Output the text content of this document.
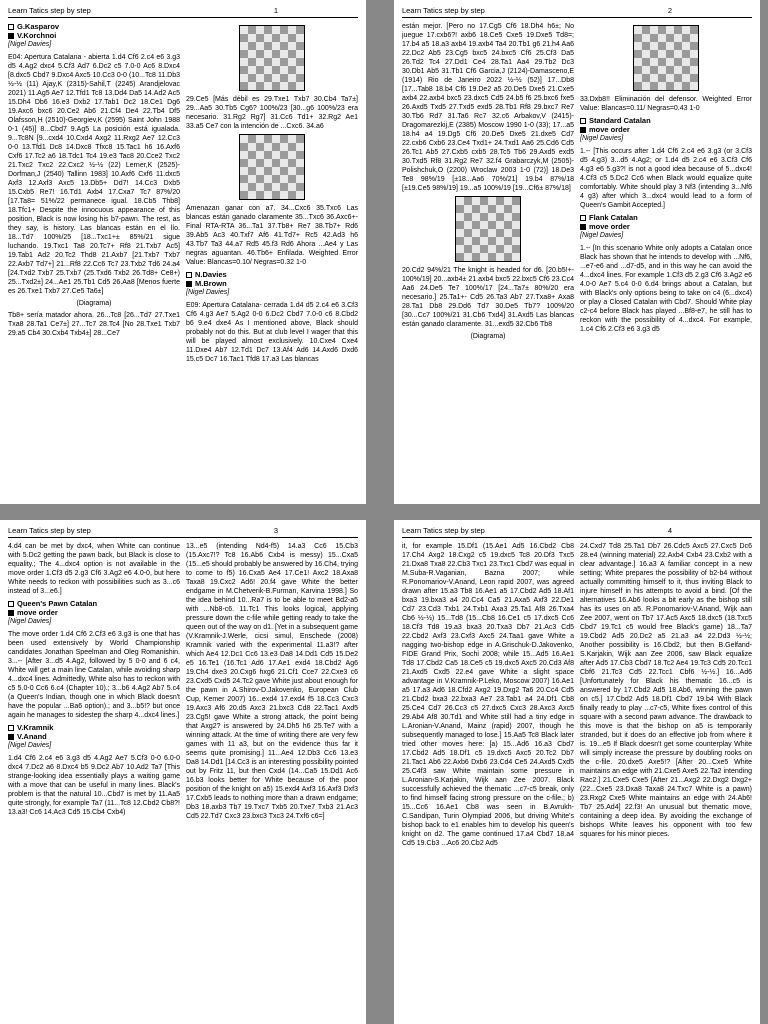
Learn Tatics step by step	1
G.Kasparov
V.Korchnoi
[Nigel Davies]

E04: Apertura Catalana - abierta 1.d4 Cf6 2.c4 e6 3.g3 d5 4.Ag2 dxc4 5.Cf3 Ad7 6.Dc2 c5 7.0-0 Ac6 8.Dxc4 [8.dxc5 Cbd7 9.Dxc4 Axc5 10.Cc3 0-0 (10...Tc8 11.Db3 ½-½ (11) Ajay,K (2315)-Sahil,T (2245) Arandjelovac 2021) 11.Ag5 Ae7 12.Tfd1 Tc8 13.Dd4 Da5 14.Ad2 Ac5 15.Dh4 Db6 16.e3 Dxb2 17.Tab1 Dc2 18.Ce1 Dg6 19.Axc6 bxc6 20.Ce2 Ab6 21.Cf4 De4 22.Tb4 Df5 Olafsson,H (2510)-Georgiev,K (2595) Saint John 1988 0-1 (45)] 8...Cbd7 9.Ag5 La posición está igualada. 9...Tc8N [9...cxd4 10.Cxd4 Axg2 11.Rxg2 Ae7 12.Cc3 0-0 13.Tfd1 Dc8 14.Dxc8 Tfxc8 15.Tac1 h6 16.Axf6 Cxf6 17.Tc2 a6 18.Tdc1 Tc4 19.e3 Tac8 20.Cce2 Txc2 21.Txc2 Txc2 22.Cxc2 ½-½ (22) Lerner,K (2525)-Dorfman,J (2540) Tallinn 1983] 10.Axf6 Cxf6 11.dxc5 Axf3 12.Axf3 Axc5 13.Db5+ Dd7! 14.Cc3 Dxb5 15.Cxb5 Re7! 16.Td1 Axb4 17.Cxa7 Tc7 87%/20 [17.Ta8= 51%/22 permanece igual. 18.Cb5 Thb8] 18.Tfc1+ Despite the innocuous appearance of this position, Black is now losing his b7-pawn. The rest, as they say, is history. Las blancas están en el lío. 18...Td7 100%/25 [18...Txc1+± 85%/21 sigue luchando. 19.Txc1 Ta8 20.Tc7+ Rf8 21.Txb7 Ac5] 19.Tab1 Ad2 20.Tc2 Thd8 21.Axb7 [21.Txb7 Txb7 22.Axb7 Td7+] 21...Rf8 22.Cc6 Tc7 23.Txb2 Td6 24.a4 [24.Txd2 Txb7 25.Txb7 (25.Txd6 Txb2 26.Td8+ Ce8+) 25...Txd2±] 24...Ae1 25.Tb1 Cd5 26.Aa8 [Menos fuerte es 26.Txe1 Txb7 27.Ce5 Ta6±]

(Diagrama)

Tb8+ sería matador ahora. 26...Tc8 [26...Td7 27.Txe1 Txa8 28.Ta1 Ce7±] 27...Tc7 28.Tc4 [No 28.Txe1 Txb7 29.a5 Cb4 30.Cxb4 Txb4±] 28...Ce7

29.Ce5 [Más débil es 29.Txe1 Txb7 30.Cb4 Ta7±] 29...Aa5 30.Tb5 Cg6? 100%/23 [30...g6 100%/23 era necesario. 31.Rg2 Rg7] 31.Cc6 Td1+ 32.Rg2 Ae1 33.a5 Ce7 con la intención de ...Cxc6. 34.a6

Amenazan ganar con a7. 34...Cxc6 35.Txc6 Las blancas están ganado claramente 35...Txc6 36.Axc6+- Final RTA-RTA 36...Ta1 37.Tb8+ Re7 38.Tb7+ Rd6 39.Ab5 Ac3 40.Txf7 Af6 41.Td7+ Rc5 42.Ad3 h6 43.Tb7 Ta3 44.a7 Rd5 45.f3 Rd6 Ahora ...Ae4 y Las negras aguantan. 46.Tb6+ Enfilada. Weighted Error Value: Blancas=0.10/ Negras=0.32 1-0

N.Davies
M.Brown
[Nigel Davies]

E09: Apertura Catalana- cerrada 1.d4 d5 2.c4 e6 3.Cf3 Cf6 4.g3 Ae7 5.Ag2 0-0 6.Dc2 Cbd7 7.0-0 c6 8.Cbd2 b6 9.e4 dxe4 As I mentioned above, Black should probably not do this. But at club level I wager that this will be played almost exclusively. 10.Cxe4 Cxe4 11.Dxe4 Ab7 12.Td1 Dc7 13.Af4 Ad6 14.Axd6 Dxd6 15.c5 Dc7 16.Tac1 Tfd8 17.a3 Las blancas

Learn Tatics step by step	2

están mejor. [Pero no 17.Cg5 Cf6 18.Dh4 h6±; No juegue 17.cxb6?! axb6 18.Ce5 Cxe5 19.Dxe5 Td8=; 17.b4 a5 18.a3 axb4 19.axb4 Ta4 20.Tb1 g6 21.h4 Aa6 22.Dc2 Ab5 23.Cg5 bxc5 24.bxc5 Cf6 25.Cf3 Da5 26.Td2 Tc4 27.Dd1 Ce4 28.Ta1 Aa4 29.Tb2 Dc3 30.Db1 Ab5 31.Tb1 Cf6 Garcia,J (2124)-Damasceno,E (1914) Rio de Janeiro 2022 ½-½ (52)] 17...Db8 [17...Tab8 18.b4 Cf6 19.De2 a5 20.De5 Dxe5 21.Cxe5 axb4 22.axb4 bxc5 23.dxc5 Cd5 24.b5 f6 25.bxc6 fxe5 26.Axd5 Txd5 27.Txd5 exd5 28.Tb1 Rf8 29.bxc7 Re7 30.Tb6 Rd7 31.Ta6 Rc7 32.c6 Arbakov,V (2415)-Dragomarezkij,E (2385) Moscow 1990 1-0 (33); 17...a5 18.h4 a4 19.Dg5 Cf6 20.De5 Dxe5 21.dxe5 Cd7 22.cxb6 Cxb6 23.Ce4 Txd1+ 24.Txd1 Aa6 25.Cd6 Cd5 26.Tc1 Ab5 27.Cxb5 cxb5 28.Tc5 Tb6 29.Axd5 exd5 30.Txd5 Rf8 31.Rg2 Re7 32.f4 Grabarczyk,M (2505)-Polishchuk,O (2200) Wroclaw 2003 1-0 (72)] 18.De3 Te8 98%/19 [±18...Aa6 70%/21] 19.b4 87%/18 [±19.Ce5 98%/19] 19...a5 100%/19 [19...Cf6± 87%/18]

20.Cd2 94%/21 The knight is headed for d6. [20.b5!+- 100%/19] 20...axb4± 21.axb4 bxc5 22.bxc5 Cf6 23.Cc4 Aa6 24.De5 Te7 100%/17 [24...Ta7± 80%/20 era necesario.] 25.Ta1+- Cd5 26.Ta3 Ab7 27.Txa8+ Axa8 28.Ta1 Db8 29.Dd6 Td7 30.De5 Tb7? 100%/20 [30...Cc7 100%/21 31.Cb6 Txd4] 31.Axd5 Las blancas están ganado claramente. 31...exd5 32.Cb6 Tb8

(Diagrama)

33.Dxb8!! Eliminación del defensor. Weighted Error Value: Blancas=0.11/ Negras=0.43 1-0

Standard Catalan
move order
[Nigel Davies]

1.-- [This occurs after 1.d4 Cf6 2.c4 e6 3.g3 (or 3.Cf3 d5 4.g3) 3...d5 4.Ag2; or 1.d4 d5 2.c4 e6 3.Cf3 Cf6 4.g3 e6 5.g3?! is not a good idea because of 5...dxc4! 4.Cf3 c5 5.Dc2 Cc6 when Black would equalize quite comfortably. White should play 3 Nf3 (intending 3...Nf6 4 g3) after which 3...dxc4 would lead to a form of Queen's Gambit Accepted.]

Flank Catalan
move order
[Nigel Davies]

1.-- [In this scenario White only adopts a Catalan once Black has shown that he intends to develop with ...Nf6, ...e7-e6 and ...d7-d5, and in this way he can avoid the 4...dxc4 lines. For example 1.Cf3 d5 2.g3 Cf6 3.Ag2 e6 4.0-0 Ae7 5.c4 0-0 6.d4 brings about a Catalan, but with Black's only options being to take on c4 (6...dxc4) or play a Closed Catalan with Cbd7. Should White play c2-c4 before Black has played ...Bf8-e7, he still has to reckon with the possibility of 4...dxc4. For example, 1.c4 Cf6 2.Cf3 e6 3.g3 d5

Learn Tatics step by step	3

4.d4 can be met by dxc4, when White can continue with 5.Dc2 getting the pawn back, but Black is close to equality.; The 4...dxc4 option is not available in the move order 1.Cf3 d5 2.g3 Cf6 3.Ag2 e6 4.0-0, but here White needs to reckon with possibilities such as 3...c6 instead of 3...e6.]

Queen's Pawn Catalan
move order
[Nigel Davies]

The move order 1.d4 Cf6 2.Cf3 e6 3.g3 is one that has been used extensively by World Championship candidates Jonathan Speelman and Oleg Romanishin. 3...-- [After 3...d5 4.Ag2, followed by 5 0-0 and 6 c4, White will get a main line Catalan, while avoiding sharp 4...dxc4 lines. Admittedly, White also has to reckon with c5 5.0-0 Cc6 6.c4 (Chapter 10).; 3...b6 4.Ag2 Ab7 5.c4 (a Queen's Indian, though one in which Black doesn't have the popular ...Ba6 option).; and 3...b5!? but once again he manages to sidestep the sharp 4...dxc4 lines.]

V.Kramnik
V.Anand
[Nigel Davies]

1.d4 Cf6 2.c4 e6 3.g3 d5 4.Ag2 Ae7 5.Cf3 0-0 6.0-0 dxc4 7.Dc2 a6 8.Dxc4 b5 9.Dc2 Ab7 10.Ad2 Ta7 [This strange-looking idea essentially plays a waiting game with a move that can be useful in many lines. Black's problem is that the natural 10...Cbd7 is met by 11.Aa5 quite strongly, for example Ta7 (11...Tc8 12.Cbd2 Cb8?! 13.a3! Cc6 14.Ac3 Cd5 15.Cb4 Cxb4)

13...e5 (intending Nd4-f5) 14.a3 Cc6 15.Cb3 (15.Axc7!? Tc8 16.Ab6 Cxb4 is messy) 15...Cxa5 (15...e5 should probably be answered by 16.Ch4, trying to come to f5) 16.Cxa5 Ae4 17.Ce1! Axc2 18.Axa8 Taxa8 19.Cxc2 Ad6! 20.f4 gave White the better endgame in M.Chetverik-B.Furman, Karvina 1998.] So the idea behind 10...Ra7 is to be able to meet Bd2-a5 with ...Nb8-c6. 11.Tc1 This looks logical, applying pressure down the c-file while getting ready to take the queen out of the way on d1. [Yet in a subsequent game (V.Kramnik-J.Werle, cicsi simul, Enschede (2008) Kramnik varied with the experimental 11.a3!? after which Ae4 12.Dc1 Cc6 13.e3 Da8 14.Dd1 Cd5 15.De2 e5 16.Te1 (16.Tc1 Ad6 17.Ae1 exd4 18.Cbd2 Ag6 19.Ch4 dxe3 20.Cxg6 hxg6 21.Cf1 Cce7 22.Cxe3 c6 23.Cxd5 Cxd5 24.Tc2 gave White just about enough for the pawn in A.Shirov-D.Jakovenko, European Club Cup, Kemer 2007) 16...exd4 17.exd4 f5 18.Cc3 Cxc3 19.Axc3 Af6 20.d5 Axc3 21.bxc3 Cd8 22.Tac1 Axd5 23.Cg5! gave White a strong attack, the point being that Axg2? is answered by 24.Dh5 h6 25.Te7 with a winning attack. At the time of writing there are very few games with 11 a3, but on the evidence thus far it seems quite promising.] 11...Ae4 12.Db3 Cc6 13.e3 Da8 14.Dd1 [14.Cc3 is an interesting possibility pointed out by Fritz 11, but then Cxd4 (14...Ca5 15.Dd1 Ac6 16.b3 looks better for White because of the poor position of the knight on a5) 15.exd4 Axf3 16.Axf3 Dxf3 17.Cxb5 leads to nothing more than a drawn endgame; Db3 18.axb3 Tb7 19.Txc7 Txb5 20.Txe7 Txb3 21.Ac3 Cd5 22.Td7 Cxc3 23.bxc3 Txc3 24.Txf6 c6=]

Learn Tatics step by step	4

it, for example 15.Df1 (15.Ae1 Ad5 16.Cbd2 Cb8 17.Ch4 Axg2 18.Cxg2 c5 19.dxc5 Tc8 20.Df3 Txc5 21.Dxa8 Txa8 22.Cb3 Txc1 23.Txc1 Cbd7 was equal in M.Suba-R.Vaganian, Bazna 2007; while R.Ponomariov-V.Anand, Leon rapid 2007, was agreed drawn after 15.a3 Tb8 16.Ae1 a5 17.Cbd2 Ad5 18.Af1 bxa3 19.bxa3 a4 20.Cc4 Ca5 21.Axa5 Axf3 22.De1 Cd7 23.Cd3 Txb1 24.Txb1 Axa3 25.Ta1 Af8 26.Txa4 Cb6 ½-½) 15...Td8 (15...Cb8 16.Ce1 c5 17.dxc5 Cc6 18.Cf3 Td8 19.a3 bxa3 20.Txa3 Db7 21.Ac3 Cd5 22.Cbd2 Axf3 23.Cxf3 Axc5 24.Taa1 gave White a nagging two-bishop edge in A.Grischuk-D.Jakovenko, FIDE Grand Prix, Sochi 2008; while 15...Ad5 16.Ae1 Td8 17.Cbd2 Ca5 18.Ce5 c5 19.dxc5 Axc5 20.Cd3 Af8 21.Axd5 Cxd5 22.e4 gave White a slight space advantage in V.Kramnik-P.Leko, Moscow 2007) 16.Ae1 a5 17.a3 Ad6 18.Cfd2 Axg2 19.Dxg2 Ta6 20.Cc4 Cd5 21.Cbd2 bxa3 22.bxa3 Ae7 23.Tab1 a4 24.Df1 Cb8 25.Ce4 Cd7 26.Cc3 c5 27.dxc5 Cxc3 28.Axc3 Axc5 29.Ab4 Af8 30.Td1 and White still had a tiny edge in L.Aronian-V.Anand, Mainz (rapid) 2007, though he subsequently managed to lose.] 15.Aa5 Tc8 Black later tried other moves here: [a) 15...Ad6 16.a3 Cbd7 17.Cbd2 Ad5 18.Df1 c5 19.dxc5 Axc5 20.Tc2 Db7 21.Tac1 Ab6 22.Axb6 Dxb6 23.Cd4 Ce5 24.Axd5 Cxd5 25.C4f3 saw White maintain some pressure in L.Aronian-S.Karjakin, Wijk aan Zee 2007. Black successfully achieved the thematic ...c7-c5 break, only to find himself facing strong pressure on the c-file.; b) 15...Cc6 16.Ae1 Cb8 was seen in B.Avrukh-C.Sandipan, Turin Olympiad 2006, but driving White's bishop back to e1 enables him to develop his queen's knight on d2. The game continued 17.a4 Cbd7 18.a4 Cd5 19.Cb3 ...Ac6 20.Cb2 Ad5

24.Cxd7 Td8 25.Ta1 Db7 26.Cdc5 Axc5 27.Cxc5 Dc6 28.e4 (winning material) 22.Axb4 Cxb4 23.Cxb2 with a clear advantage.] 16.a3 A familiar concept in a new setting; White prepares the possibility of b2-b4 without actually committing himself to it, thus inviting Black to injure himself in his attempts to avoid a bind. [Of the alternatives 16.Ab6 looks a bit early as the bishop still has its uses on a5. R.Ponomariov-V.Anand, Wijk aan Zee 2007, went on Tb7 17.Ac5 Axc5 18.dxc5 (18.Txc5 Cbd7 19.Tc1 c5 would free Black's game) 18...Ta7 19.Cbd2 Ad5 20.Dc2 a5 21.a3 a4 22.Dd3 ½-½; Another possibility is 16.Cbd2, but then B.Gelfand-S.Karjakin, Wijk aan Zee 2006, saw Black equalize after Ad5 17.Cb3 Cbd7 18.Tc2 Ae4 19.Tc3 Cd5 20.Tcc1 Cbf6 21.Tc3 Cd5 22.Tcc1 Cbf6 ½-½.] 16...Ad6 [Unfortunately for Black his thematic 16...c5 is answered by 17.Cbd2 Ad5 18.Ab6, winning the pawn on c5.] 17.Cbd2 Ad5 18.Df1 Cbd7 19.b4 With Black finally ready to play ...c7-c5, White fixes control of this square with a second pawn advance. The drawback to this move is that the bishop on a5 is temporarily stranded, but it does do an effective job from where it is. 19...e5 If Black doesn't get some counterplay White will simply increase the pressure by doubling rooks on the c-file. 20.dxe5 Axe5!? [After 20...Cxe5 White maintains an edge with 21.Cxe5 Axe5 22.Ta2 intending Rac2.] 21.Cxe5 Cxe5 [After 21...Axg2 22.Dxg2 Dxg2+ (22...Cxe5 23.Dxa8 Taxa8 24.Txc7 White is a pawn) 23.Rxg2 Cxe5 White maintains an edge with 24.Ab6! Tb7 25.Ad4] 22.f3! An unusual but thematic move, containing a deep idea. By avoiding the exchange of bishops White leaves his opponent with too few squares for his minor pieces.
